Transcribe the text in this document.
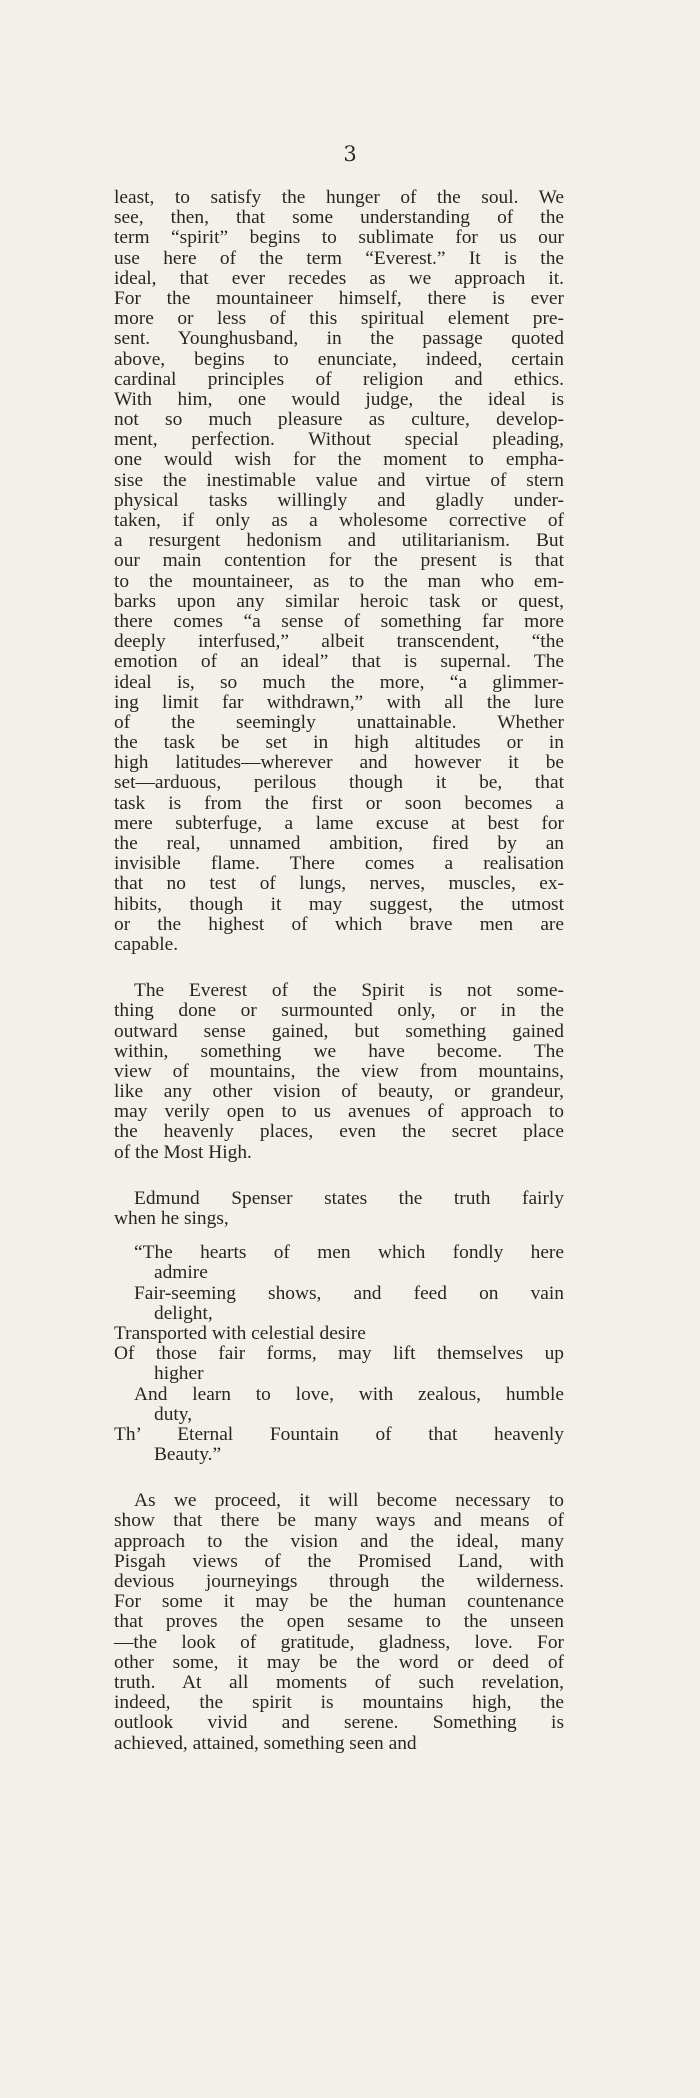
3
least, to satisfy the hunger of the soul. We
see, then, that some understanding of the
term “spirit” begins to sublimate for us our
use here of the term “Everest.” It is the
ideal, that ever recedes as we approach it.
For the mountaineer himself, there is ever
more or less of this spiritual element pre-
sent. Younghusband, in the passage quoted
above, begins to enunciate, indeed, certain
cardinal principles of religion and ethics.
With him, one would judge, the ideal is
not so much pleasure as culture, develop-
ment, perfection. Without special pleading,
one would wish for the moment to empha-
sise the inestimable value and virtue of stern
physical tasks willingly and gladly under-
taken, if only as a wholesome corrective of
a resurgent hedonism and utilitarianism. But
our main contention for the present is that
to the mountaineer, as to the man who em-
barks upon any similar heroic task or quest,
there comes “a sense of something far more
deeply interfused,” albeit transcendent, “the
emotion of an ideal” that is supernal. The
ideal is, so much the more, “a glimmer-
ing limit far withdrawn,” with all the lure
of the seemingly unattainable. Whether
the task be set in high altitudes or in
high latitudes—wherever and however it be
set—arduous, perilous though it be, that
task is from the first or soon becomes a
mere subterfuge, a lame excuse at best for
the real, unnamed ambition, fired by an
invisible flame. There comes a realisation
that no test of lungs, nerves, muscles, ex-
hibits, though it may suggest, the utmost
or the highest of which brave men are
capable.
The Everest of the Spirit is not some-
thing done or surmounted only, or in the
outward sense gained, but something gained
within, something we have become. The
view of mountains, the view from mountains,
like any other vision of beauty, or grandeur,
may verily open to us avenues of approach to
the heavenly places, even the secret place
of the Most High.
Edmund Spenser states the truth fairly
when he sings,
“The hearts of men which fondly here
admire
Fair-seeming shows, and feed on vain
delight,
Transported with celestial desire
Of those fair forms, may lift themselves up
higher
And learn to love, with zealous, humble
duty,
Th’ Eternal Fountain of that heavenly
Beauty.”
As we proceed, it will become necessary to
show that there be many ways and means of
approach to the vision and the ideal, many
Pisgah views of the Promised Land, with
devious journeyings through the wilderness.
For some it may be the human countenance
that proves the open sesame to the unseen
—the look of gratitude, gladness, love. For
other some, it may be the word or deed of
truth. At all moments of such revelation,
indeed, the spirit is mountains high, the
outlook vivid and serene. Something is
achieved, attained, something seen and
